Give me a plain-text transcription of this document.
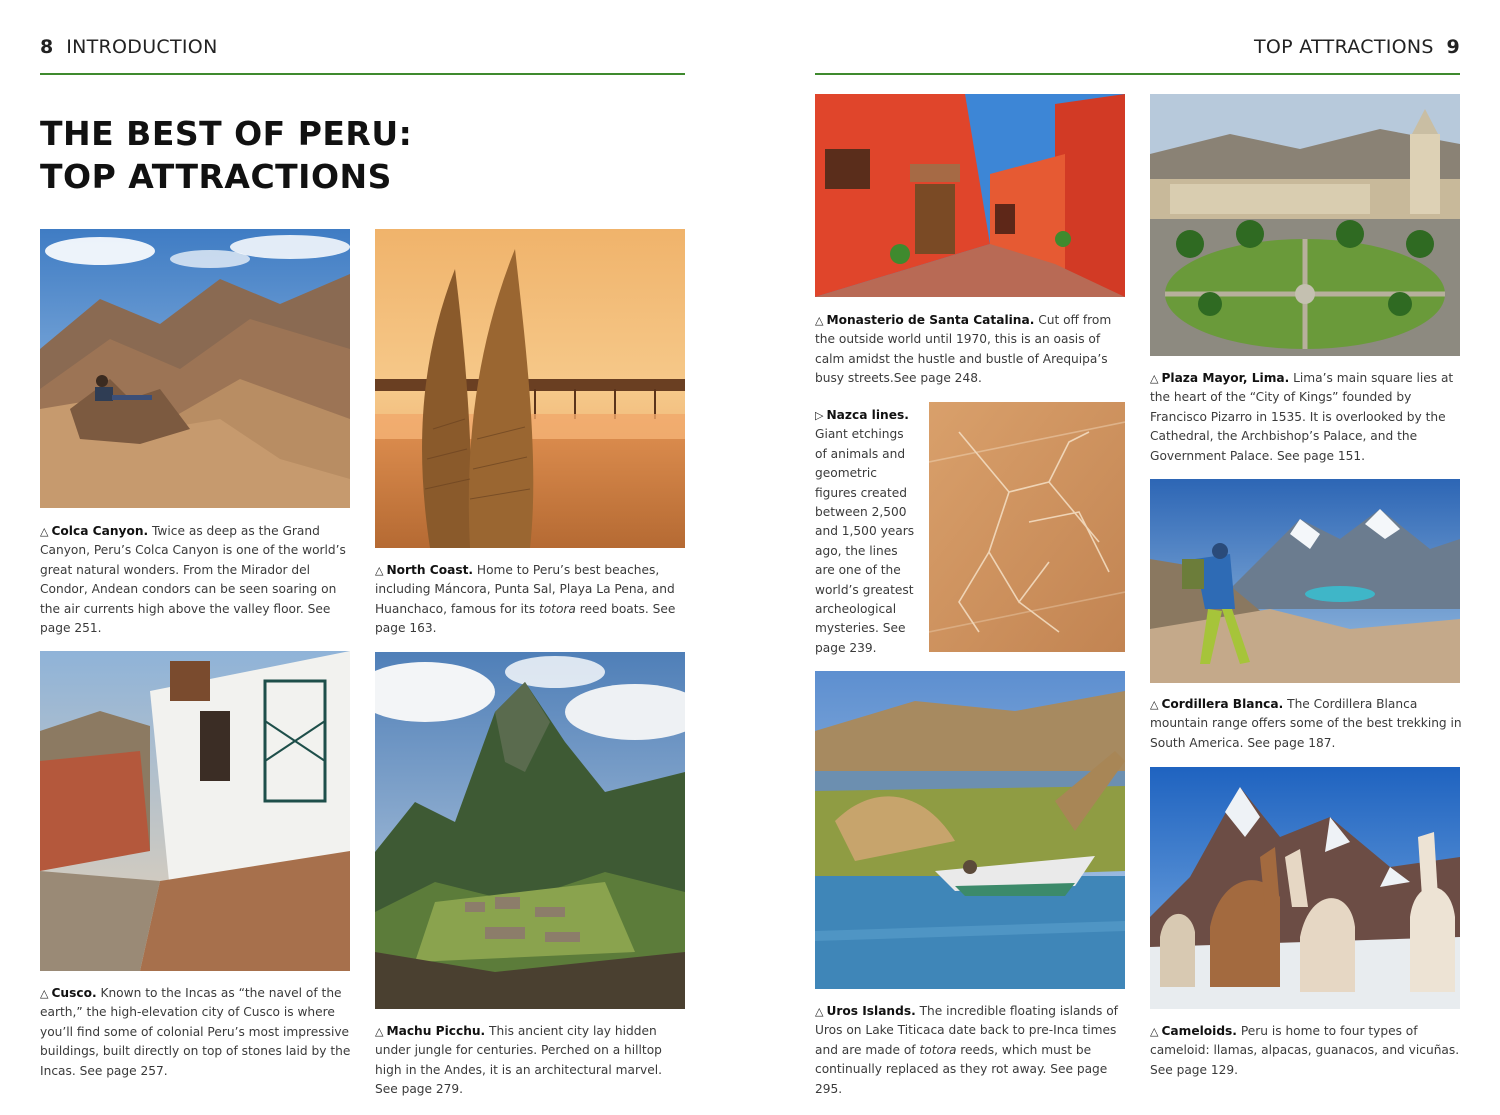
8 INTRODUCTION	TOP ATTRACTIONS 9
THE BEST OF PERU:
TOP ATTRACTIONS
△ Colca Canyon. Twice as deep as the Grand Canyon, Peru’s Colca Canyon is one of the world’s great natural wonders. From the Mirador del Condor, Andean condors can be seen soaring on the air currents high above the valley floor. See page 251.
△ North Coast. Home to Peru’s best beaches, including Máncora, Punta Sal, Playa La Pena, and Huanchaco, famous for its totora reed boats. See page 163.
△ Cusco. Known to the Incas as “the navel of the earth,” the high-elevation city of Cusco is where you’ll find some of colonial Peru’s most impressive buildings, built directly on top of stones laid by the Incas. See page 257.
△ Machu Picchu. This ancient city lay hidden under jungle for centuries. Perched on a hilltop high in the Andes, it is an architectural marvel. See page 279.
△ Monasterio de Santa Catalina. Cut off from the outside world until 1970, this is an oasis of calm amidst the hustle and bustle of Arequipa’s busy streets.See page 248.
▷ Nazca lines. Giant etchings of animals and geometric figures created between 2,500 and 1,500 years ago, the lines are one of the world’s greatest archeological mysteries. See page 239.
△ Uros Islands. The incredible floating islands of Uros on Lake Titicaca date back to pre-Inca times and are made of totora reeds, which must be continually replaced as they rot away. See page 295.
△ Plaza Mayor, Lima. Lima’s main square lies at the heart of the “City of Kings” founded by Francisco Pizarro in 1535. It is overlooked by the Cathedral, the Archbishop’s Palace, and the Government Palace. See page 151.
△ Cordillera Blanca. The Cordillera Blanca mountain range offers some of the best trekking in South America. See page 187.
△ Cameloids. Peru is home to four types of cameloid: llamas, alpacas, guanacos, and vicuñas. See page 129.
